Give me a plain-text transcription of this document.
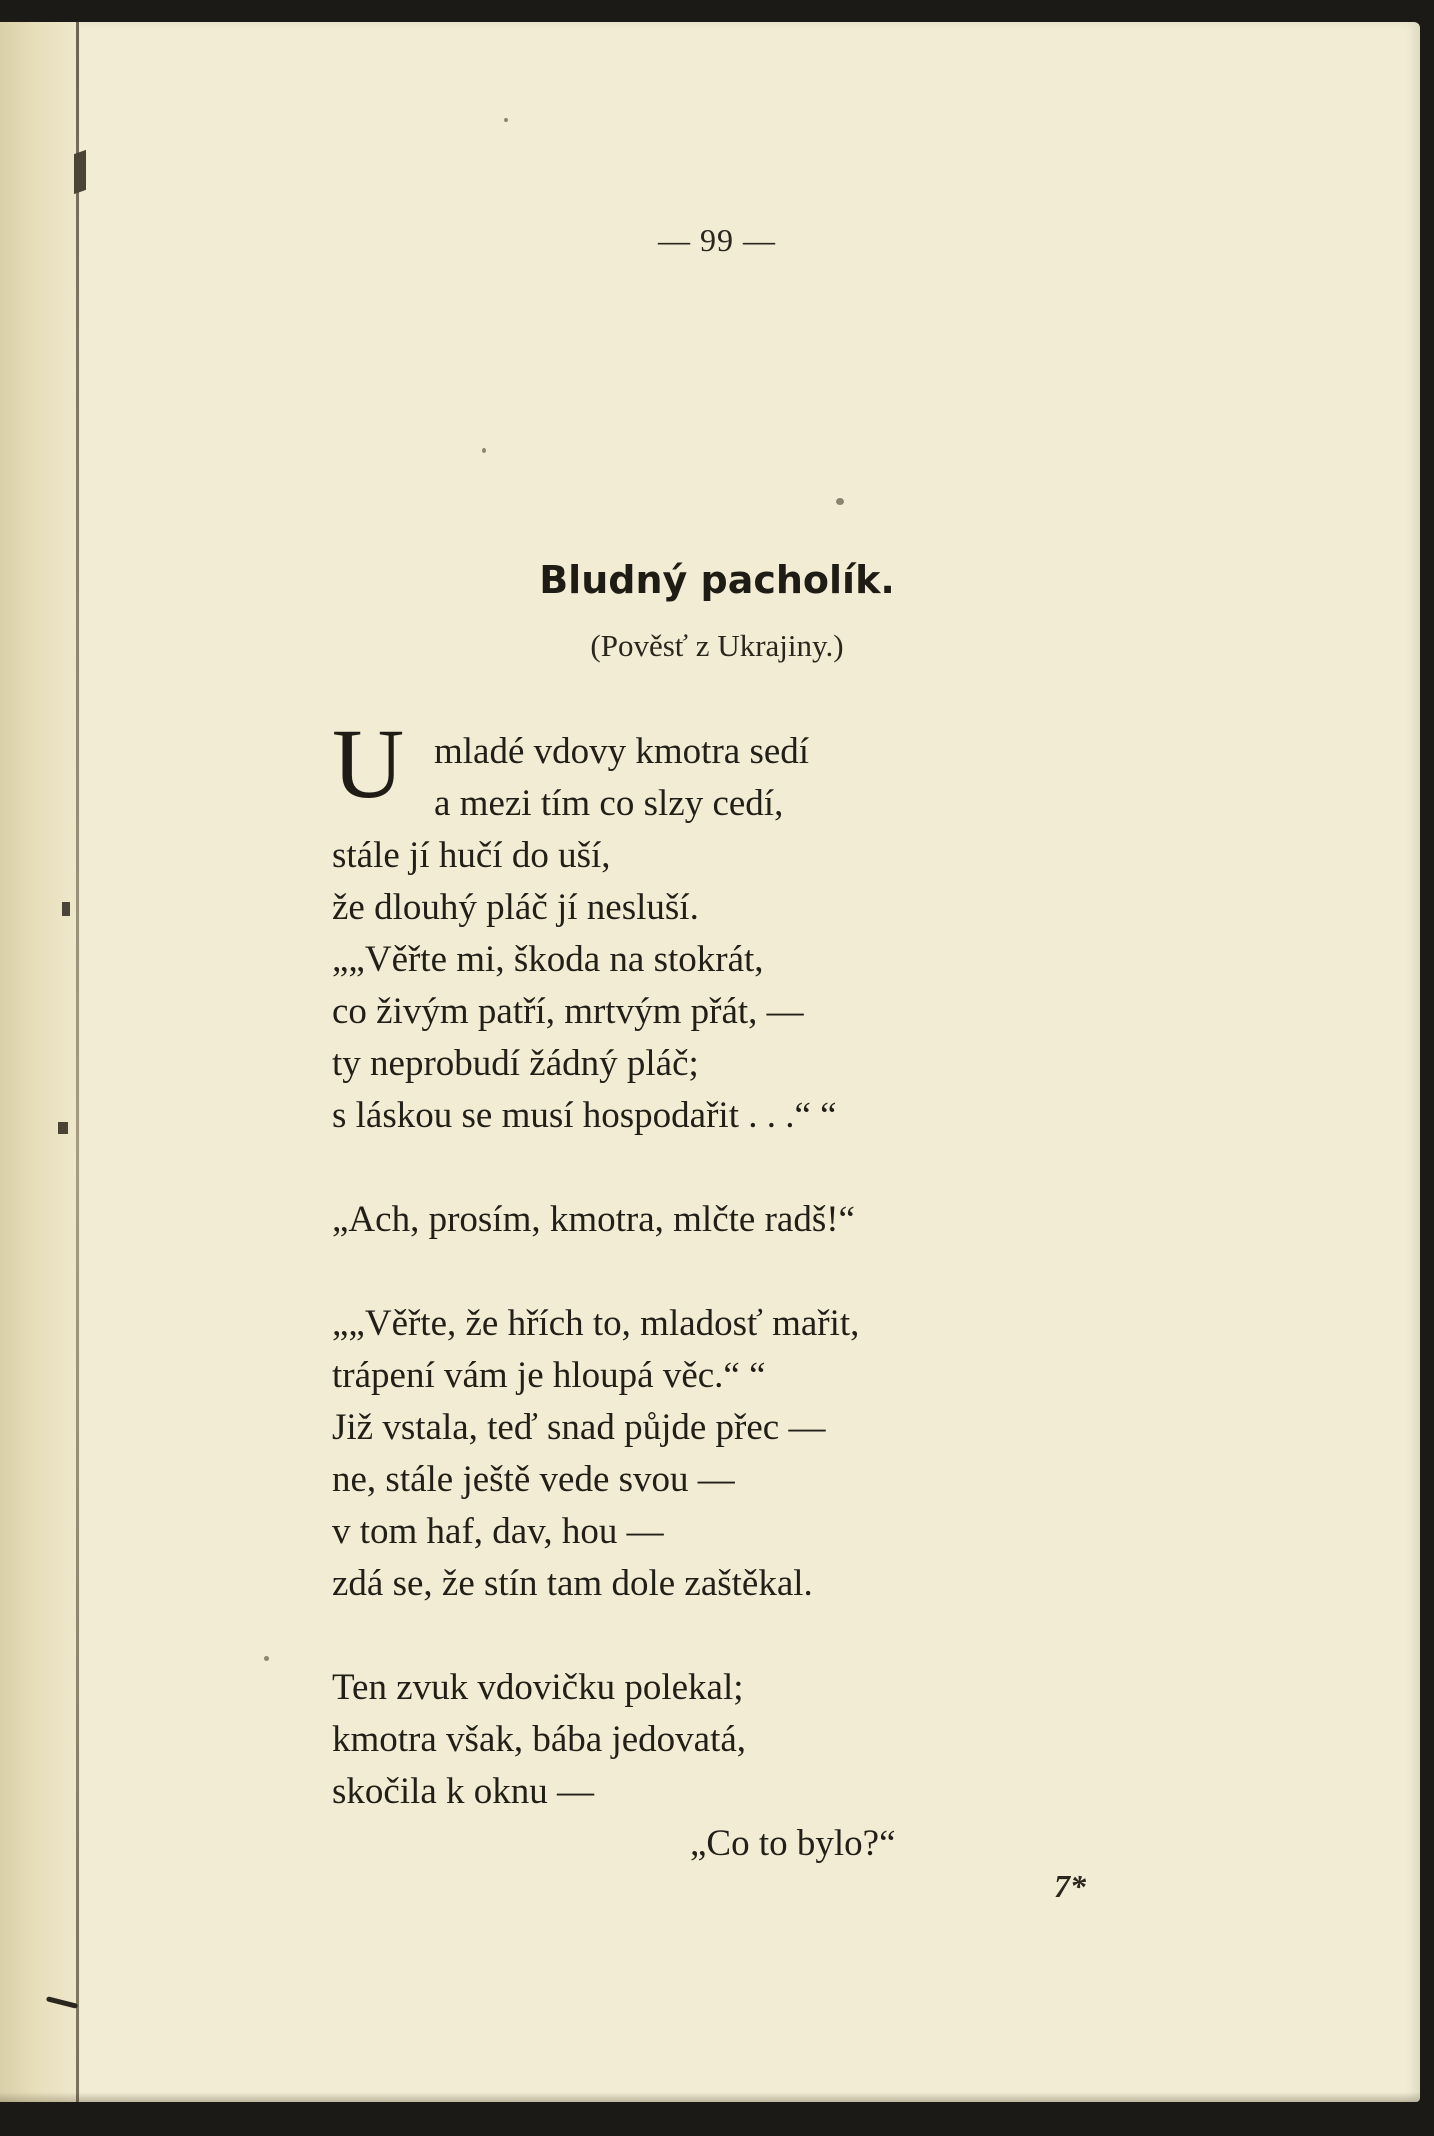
— 99 —
Bludný pacholík.
(Pověsť z Ukrajiny.)
U mladé vdovy kmotra sedí
a mezi tím co slzy cedí,
stále jí hučí do uší,
že dlouhý pláč jí nesluší.
„„Věřte mi, škoda na stokrát,
co živým patří, mrtvým přát, —
ty neprobudí žádný pláč;
s láskou se musí hospodařit . . .“ “
„Ach, prosím, kmotra, mlčte radš!“
„„Věřte, že hřích to, mladosť mařit,
trápení vám je hloupá věc.“ “
Již vstala, teď snad půjde přec —
ne, stále ještě vede svou —
v tom haf, dav, hou —
zdá se, že stín tam dole zaštěkal.
Ten zvuk vdovičku polekal;
kmotra však, bába jedovatá,
skočila k oknu —
„Co to bylo?“
7*
